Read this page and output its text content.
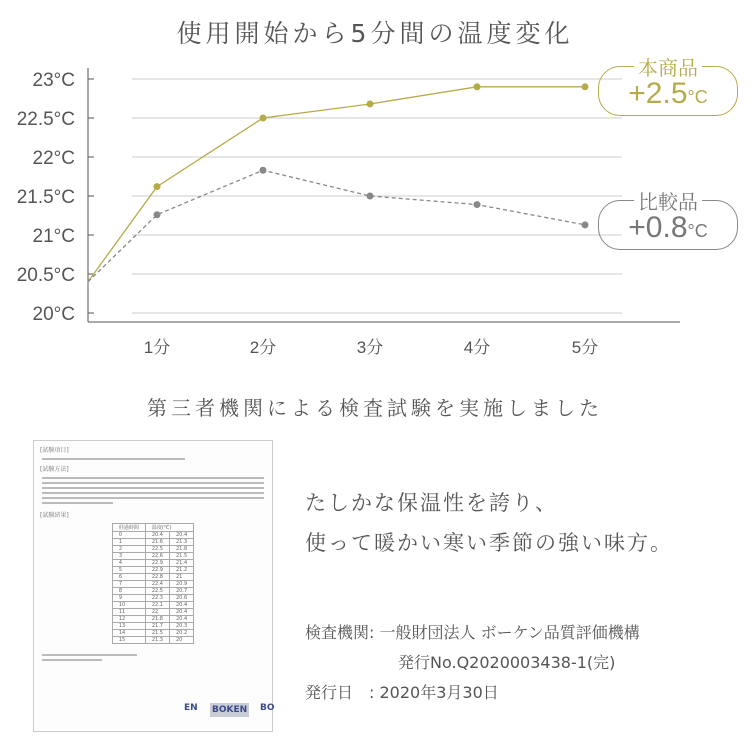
使用開始から5分間の温度変化
20°C
20.5°C
21°C
21.5°C
22°C
22.5°C
23°C
1分	2分	3分	4分	5分
本商品
+2.5°C
比較品
+0.8°C
第三者機関による検査試験を実施しました
[試験項目]
[試験方法]
[試験結果]
経過時間	温度(℃)	
0	20.4	20.4
1	21.6	21.3
2	22.5	21.8
3	22.6	21.5
4	22.9	21.4
5	22.9	21.2
6	22.8	21
7	22.4	20.9
8	22.5	20.7
9	22.3	20.6
10	22.1	20.4
11	22	20.4
12	21.8	20.4
13	21.7	20.3
14	21.5	20.2
15	21.3	20
EN BOKEN BO
たしかな保温性を誇り、
使って暖かい寒い季節の強い味方。
検査機関: 一般財団法人 ボーケン品質評価機構
発行No.Q2020003438-1(完)
発行日　: 2020年3月30日
